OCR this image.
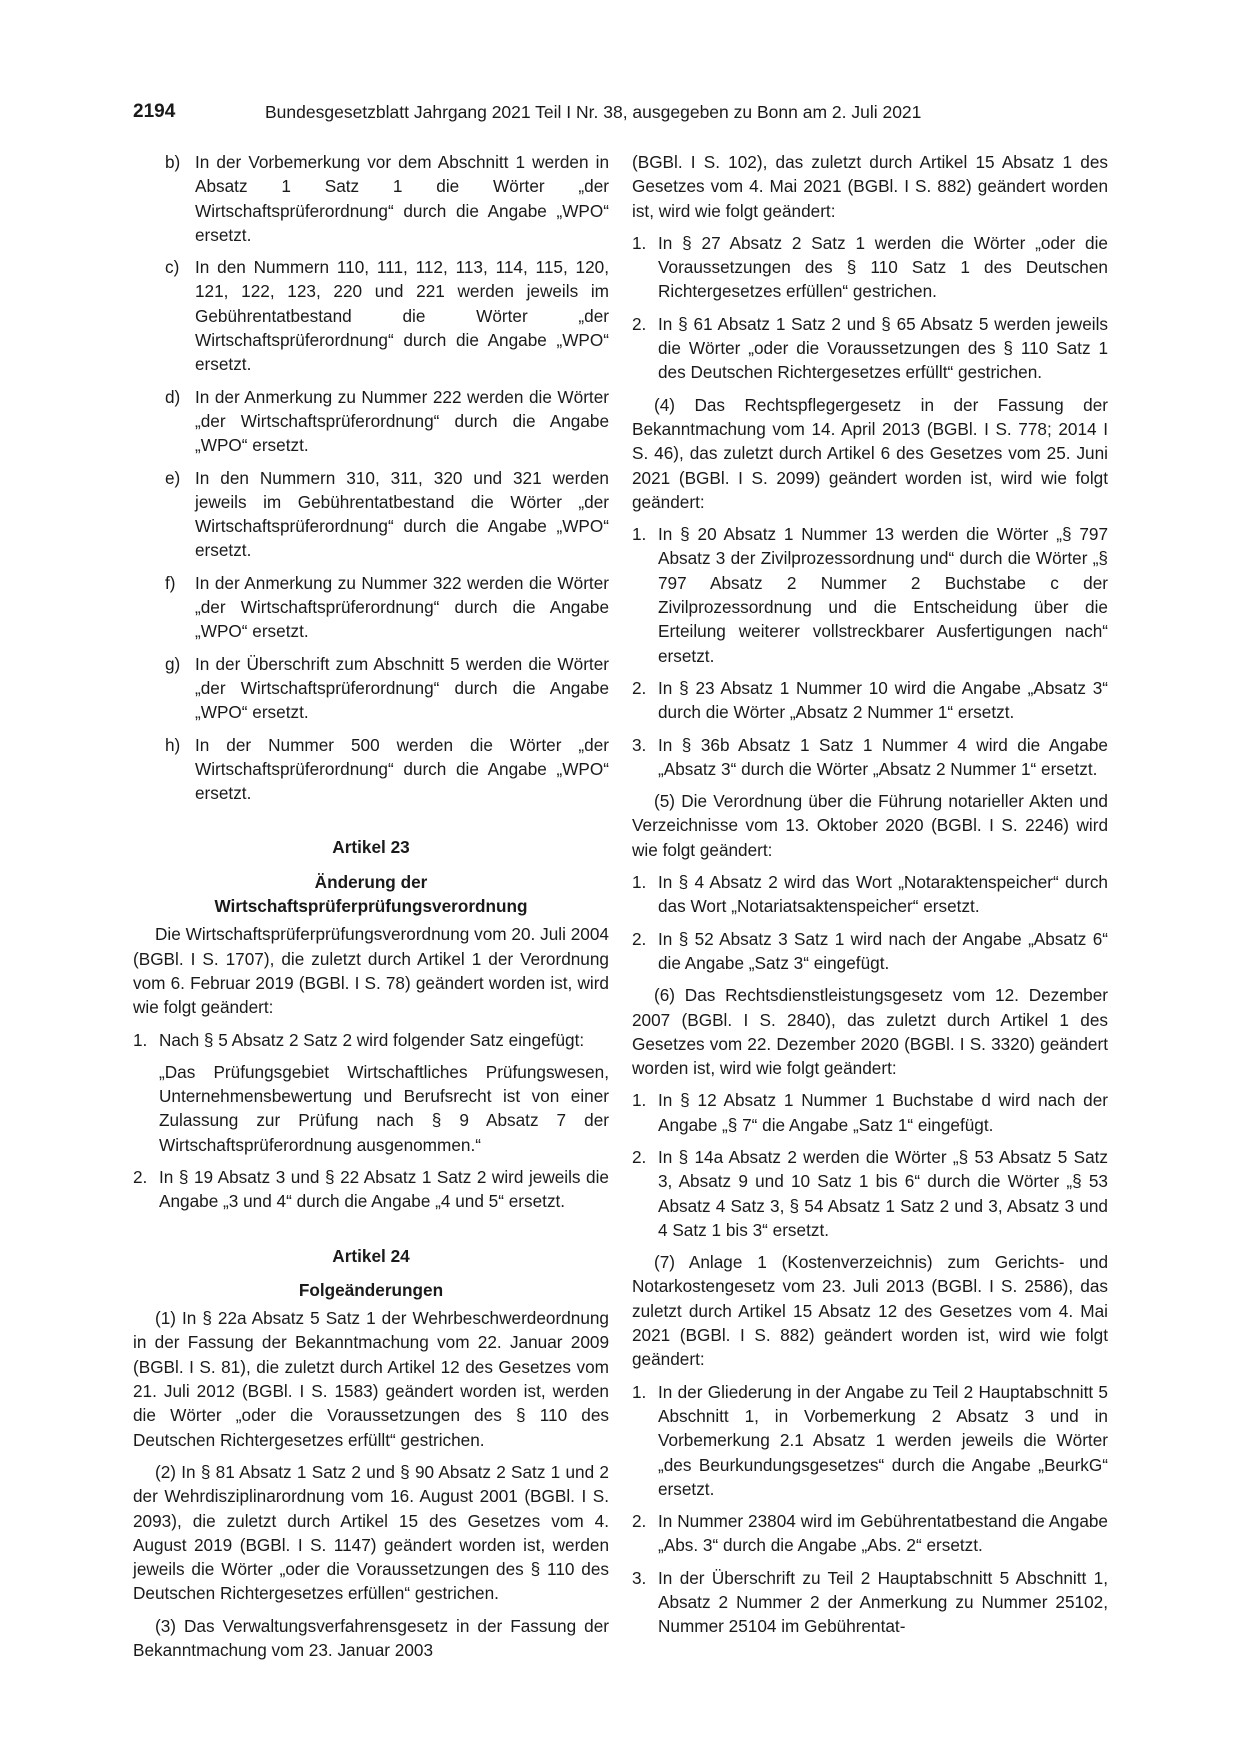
2194	Bundesgesetzblatt Jahrgang 2021 Teil I Nr. 38, ausgegeben zu Bonn am 2. Juli 2021
b) In der Vorbemerkung vor dem Abschnitt 1 werden in Absatz 1 Satz 1 die Wörter „der Wirtschaftsprüferordnung“ durch die Angabe „WPO“ ersetzt.
c) In den Nummern 110, 111, 112, 113, 114, 115, 120, 121, 122, 123, 220 und 221 werden jeweils im Gebührentatbestand die Wörter „der Wirtschaftsprüferordnung“ durch die Angabe „WPO“ ersetzt.
d) In der Anmerkung zu Nummer 222 werden die Wörter „der Wirtschaftsprüferordnung“ durch die Angabe „WPO“ ersetzt.
e) In den Nummern 310, 311, 320 und 321 werden jeweils im Gebührentatbestand die Wörter „der Wirtschaftsprüferordnung“ durch die Angabe „WPO“ ersetzt.
f)	In der Anmerkung zu Nummer 322 werden die Wörter „der Wirtschaftsprüferordnung“ durch die Angabe „WPO“ ersetzt.
g) In der Überschrift zum Abschnitt 5 werden die Wörter „der Wirtschaftsprüferordnung“ durch die Angabe „WPO“ ersetzt.
h) In der Nummer 500 werden die Wörter „der Wirtschaftsprüferordnung“ durch die Angabe „WPO“ ersetzt.

Artikel 23

Änderung der

Wirtschaftsprüferprüfungsverordnung

Die Wirtschaftsprüferprüfungsverordnung vom 20. Juli 2004 (BGBl. I S. 1707), die zuletzt durch Artikel 1 der Verordnung vom 6. Februar 2019 (BGBl. I S. 78) geändert worden ist, wird wie folgt geändert:

1. Nach § 5 Absatz 2 Satz 2 wird folgender Satz eingefügt:

„Das Prüfungsgebiet Wirtschaftliches Prüfungswesen, Unternehmensbewertung und Berufsrecht ist von einer Zulassung zur Prüfung nach § 9 Absatz 7 der Wirtschaftsprüferordnung ausgenommen.“

2. In § 19 Absatz 3 und § 22 Absatz 1 Satz 2 wird jeweils die Angabe „3 und 4“ durch die Angabe „4 und 5“ ersetzt.

Artikel 24

Folgeänderungen

(1) In § 22a Absatz 5 Satz 1 der Wehrbeschwerdeordnung in der Fassung der Bekanntmachung vom 22. Januar 2009 (BGBl. I S. 81), die zuletzt durch Artikel 12 des Gesetzes vom 21. Juli 2012 (BGBl. I S. 1583) geändert worden ist, werden die Wörter „oder die Voraussetzungen des § 110 des Deutschen Richtergesetzes erfüllt“ gestrichen.

(2) In § 81 Absatz 1 Satz 2 und § 90 Absatz 2 Satz 1 und 2 der Wehrdisziplinarordnung vom 16. August 2001 (BGBl. I S. 2093), die zuletzt durch Artikel 15 des Gesetzes vom 4. August 2019 (BGBl. I S. 1147) geändert worden ist, werden jeweils die Wörter „oder die Voraussetzungen des § 110 des Deutschen Richtergesetzes erfüllen“ gestrichen.

(3) Das Verwaltungsverfahrensgesetz in der Fassung der Bekanntmachung vom 23. Januar 2003

(BGBl. I S. 102), das zuletzt durch Artikel 15 Absatz 1 des Gesetzes vom 4. Mai 2021 (BGBl. I S. 882) geändert worden ist, wird wie folgt geändert:

1. In § 27 Absatz 2 Satz 1 werden die Wörter „oder die Voraussetzungen des § 110 Satz 1 des Deutschen Richtergesetzes erfüllen“ gestrichen.
2. In § 61 Absatz 1 Satz 2 und § 65 Absatz 5 werden jeweils die Wörter „oder die Voraussetzungen des § 110 Satz 1 des Deutschen Richtergesetzes erfüllt“ gestrichen.

(4) Das Rechtspflegergesetz in der Fassung der Bekanntmachung vom 14. April 2013 (BGBl. I S. 778; 2014 I S. 46), das zuletzt durch Artikel 6 des Gesetzes vom 25. Juni 2021 (BGBl. I S. 2099) geändert worden ist, wird wie folgt geändert:

1. In § 20 Absatz 1 Nummer 13 werden die Wörter „§ 797 Absatz 3 der Zivilprozessordnung und“ durch die Wörter „§ 797 Absatz 2 Nummer 2 Buchstabe c der Zivilprozessordnung und die Entscheidung über die Erteilung weiterer vollstreckbarer Ausfertigungen nach“ ersetzt.
2. In § 23 Absatz 1 Nummer 10 wird die Angabe „Absatz 3“ durch die Wörter „Absatz 2 Nummer 1“ ersetzt.
3. In § 36b Absatz 1 Satz 1 Nummer 4 wird die Angabe „Absatz 3“ durch die Wörter „Absatz 2 Nummer 1“ ersetzt.

(5) Die Verordnung über die Führung notarieller Akten und Verzeichnisse vom 13. Oktober 2020 (BGBl. I S. 2246) wird wie folgt geändert:

1. In § 4 Absatz 2 wird das Wort „Notaraktenspeicher“ durch das Wort „Notariatsaktenspeicher“ ersetzt.
2. In § 52 Absatz 3 Satz 1 wird nach der Angabe „Absatz 6“ die Angabe „Satz 3“ eingefügt.

(6) Das Rechtsdienstleistungsgesetz vom 12. Dezember 2007 (BGBl. I S. 2840), das zuletzt durch Artikel 1 des Gesetzes vom 22. Dezember 2020 (BGBl. I S. 3320) geändert worden ist, wird wie folgt geändert:

1. In § 12 Absatz 1 Nummer 1 Buchstabe d wird nach der Angabe „§ 7“ die Angabe „Satz 1“ eingefügt.
2. In § 14a Absatz 2 werden die Wörter „§ 53 Absatz 5 Satz 3, Absatz 9 und 10 Satz 1 bis 6“ durch die Wörter „§ 53 Absatz 4 Satz 3, § 54 Absatz 1 Satz 2 und 3, Absatz 3 und 4 Satz 1 bis 3“ ersetzt.

(7) Anlage 1 (Kostenverzeichnis) zum Gerichts- und Notarkostengesetz vom 23. Juli 2013 (BGBl. I S. 2586), das zuletzt durch Artikel 15 Absatz 12 des Gesetzes vom 4. Mai 2021 (BGBl. I S. 882) geändert worden ist, wird wie folgt geändert:

1. In der Gliederung in der Angabe zu Teil 2 Hauptabschnitt 5 Abschnitt 1, in Vorbemerkung 2 Absatz 3 und in Vorbemerkung 2.1 Absatz 1 werden jeweils die Wörter „des Beurkundungsgesetzes“ durch die Angabe „BeurkG“ ersetzt.
2. In Nummer 23804 wird im Gebührentatbestand die Angabe „Abs. 3“ durch die Angabe „Abs. 2“ ersetzt.
3. In der Überschrift zu Teil 2 Hauptabschnitt 5 Abschnitt 1, Absatz 2 Nummer 2 der Anmerkung zu Nummer 25102, Nummer 25104 im Gebührentat-
